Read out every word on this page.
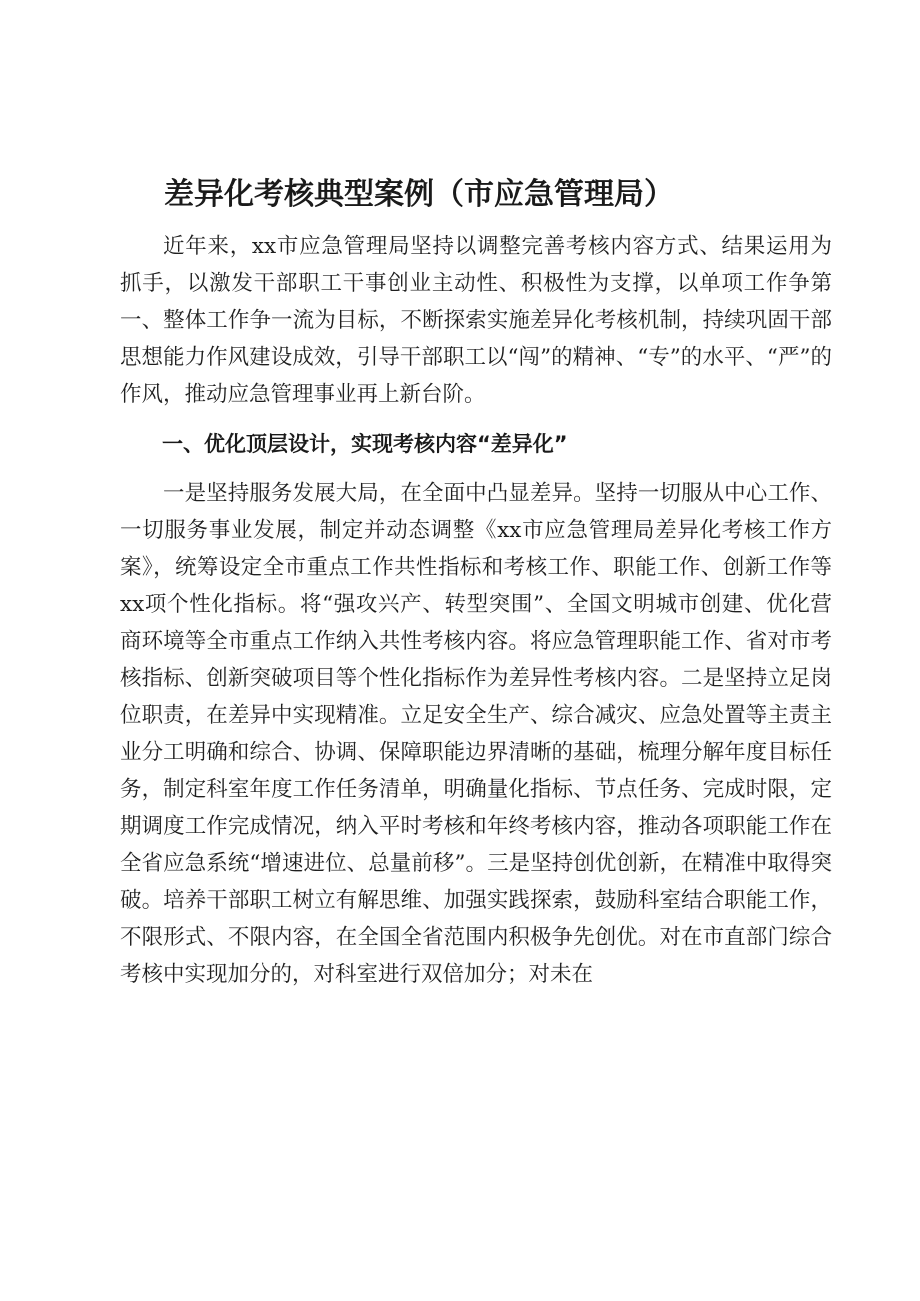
差异化考核典型案例（市应急管理局）

近年来，xx市应急管理局坚持以调整完善考核内容方式、结果运用为抓手，以激发干部职工干事创业主动性、积极性为支撑，以单项工作争第一、整体工作争一流为目标，不断探索实施差异化考核机制，持续巩固干部思想能力作风建设成效，引导干部职工以“闯”的精神、“专”的水平、“严”的作风，推动应急管理事业再上新台阶。

一、优化顶层设计，实现考核内容“差异化”

一是坚持服务发展大局，在全面中凸显差异。坚持一切服从中心工作、一切服务事业发展，制定并动态调整《xx市应急管理局差异化考核工作方案》，统筹设定全市重点工作共性指标和考核工作、职能工作、创新工作等xx项个性化指标。将“强攻兴产、转型突围”、全国文明城市创建、优化营商环境等全市重点工作纳入共性考核内容。将应急管理职能工作、省对市考核指标、创新突破项目等个性化指标作为差异性考核内容。二是坚持立足岗位职责，在差异中实现精准。立足安全生产、综合减灾、应急处置等主责主业分工明确和综合、协调、保障职能边界清晰的基础，梳理分解年度目标任务，制定科室年度工作任务清单，明确量化指标、节点任务、完成时限，定期调度工作完成情况，纳入平时考核和年终考核内容，推动各项职能工作在全省应急系统“增速进位、总量前移”。三是坚持创优创新，在精准中取得突破。培养干部职工树立有解思维、加强实践探索，鼓励科室结合职能工作，不限形式、不限内容，在全国全省范围内积极争先创优。对在市直部门综合考核中实现加分的，对科室进行双倍加分；对未在
